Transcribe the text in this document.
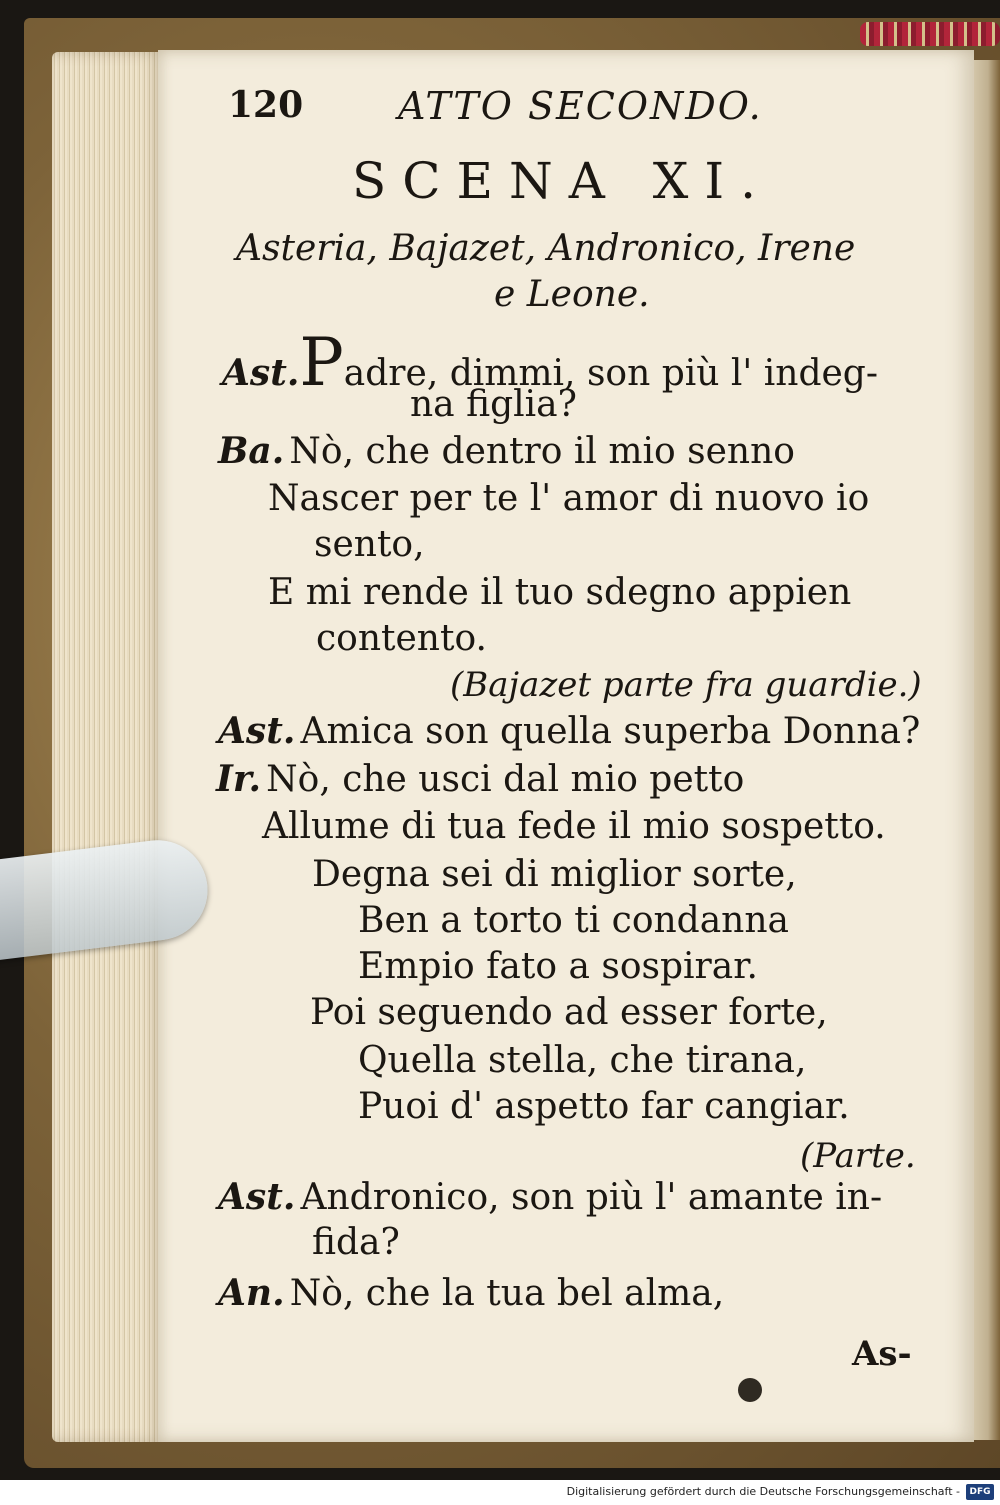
120 ATTO SECONDO.
SCENA XI.
Asteria, Bajazet, Andronico, Irene
e Leone.
Ast.Padre, dimmi, son più l' indeg-
na figlia?
Ba. Nò, che dentro il mio senno
Nascer per te l' amor di nuovo io
sento,
E mi rende il tuo sdegno appien
contento.
(Bajazet parte fra guardie.)
Ast. Amica son quella superba Donna?
Ir. Nò, che usci dal mio petto
Allume di tua fede il mio sospetto.
Degna sei di miglior sorte,
Ben a torto ti condanna
Empio fato a sospirar.
Poi seguendo ad esser forte,
Quella stella, che tirana,
Puoi d' aspetto far cangiar.
(Parte.
Ast. Andronico, son più l' amante in-
fida?
An. Nò, che la tua bel alma,
As-
Digitalisierung gefördert durch die Deutsche Forschungsgemeinschaft -	DFG
